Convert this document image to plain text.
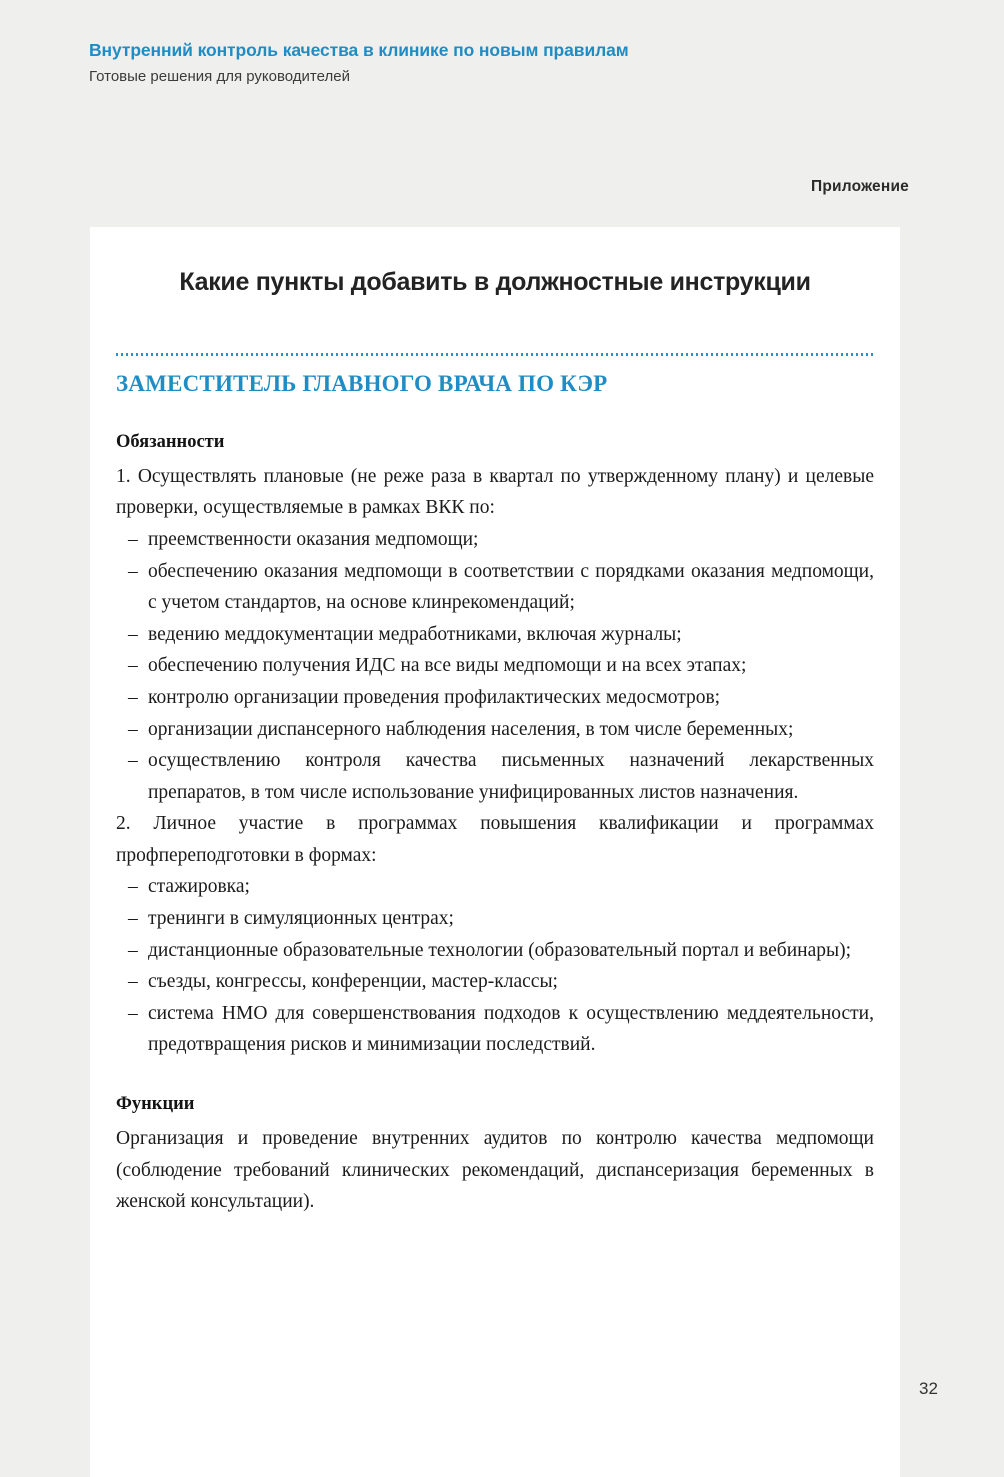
Внутренний контроль качества в клинике по новым правилам
Готовые решения для руководителей
Приложение
Какие пункты добавить в должностные инструкции
ЗАМЕСТИТЕЛЬ ГЛАВНОГО ВРАЧА ПО КЭР
Обязанности

1. Осуществлять плановые (не реже раза в квартал по утвержденному плану) и целевые проверки, осуществляемые в рамках ВКК по:

– преемственности оказания медпомощи;
– обеспечению оказания медпомощи в соответствии с порядками оказания медпомощи, с учетом стандартов, на основе клинрекомендаций;
– ведению меддокументации медработниками, включая журналы;
– обеспечению получения ИДС на все виды медпомощи и на всех этапах;
– контролю организации проведения профилактических медосмотров;
– организации диспансерного наблюдения населения, в том числе беременных;
– осуществлению контроля качества письменных назначений лекарственных препаратов, в том числе использование унифицированных листов назначения.

2. Личное участие в программах повышения квалификации и программах профпереподготовки в формах:

– стажировка;
– тренинги в симуляционных центрах;
– дистанционные образовательные технологии (образовательный портал и вебинары);
– съезды, конгрессы, конференции, мастер-классы;
– система НМО для совершенствования подходов к осуществлению меддеятельности, предотвращения рисков и минимизации последствий.
Функции

Организация и проведение внутренних аудитов по контролю качества медпомощи (соблюдение требований клинических рекомендаций, диспансеризация беременных в женской консультации).

32
